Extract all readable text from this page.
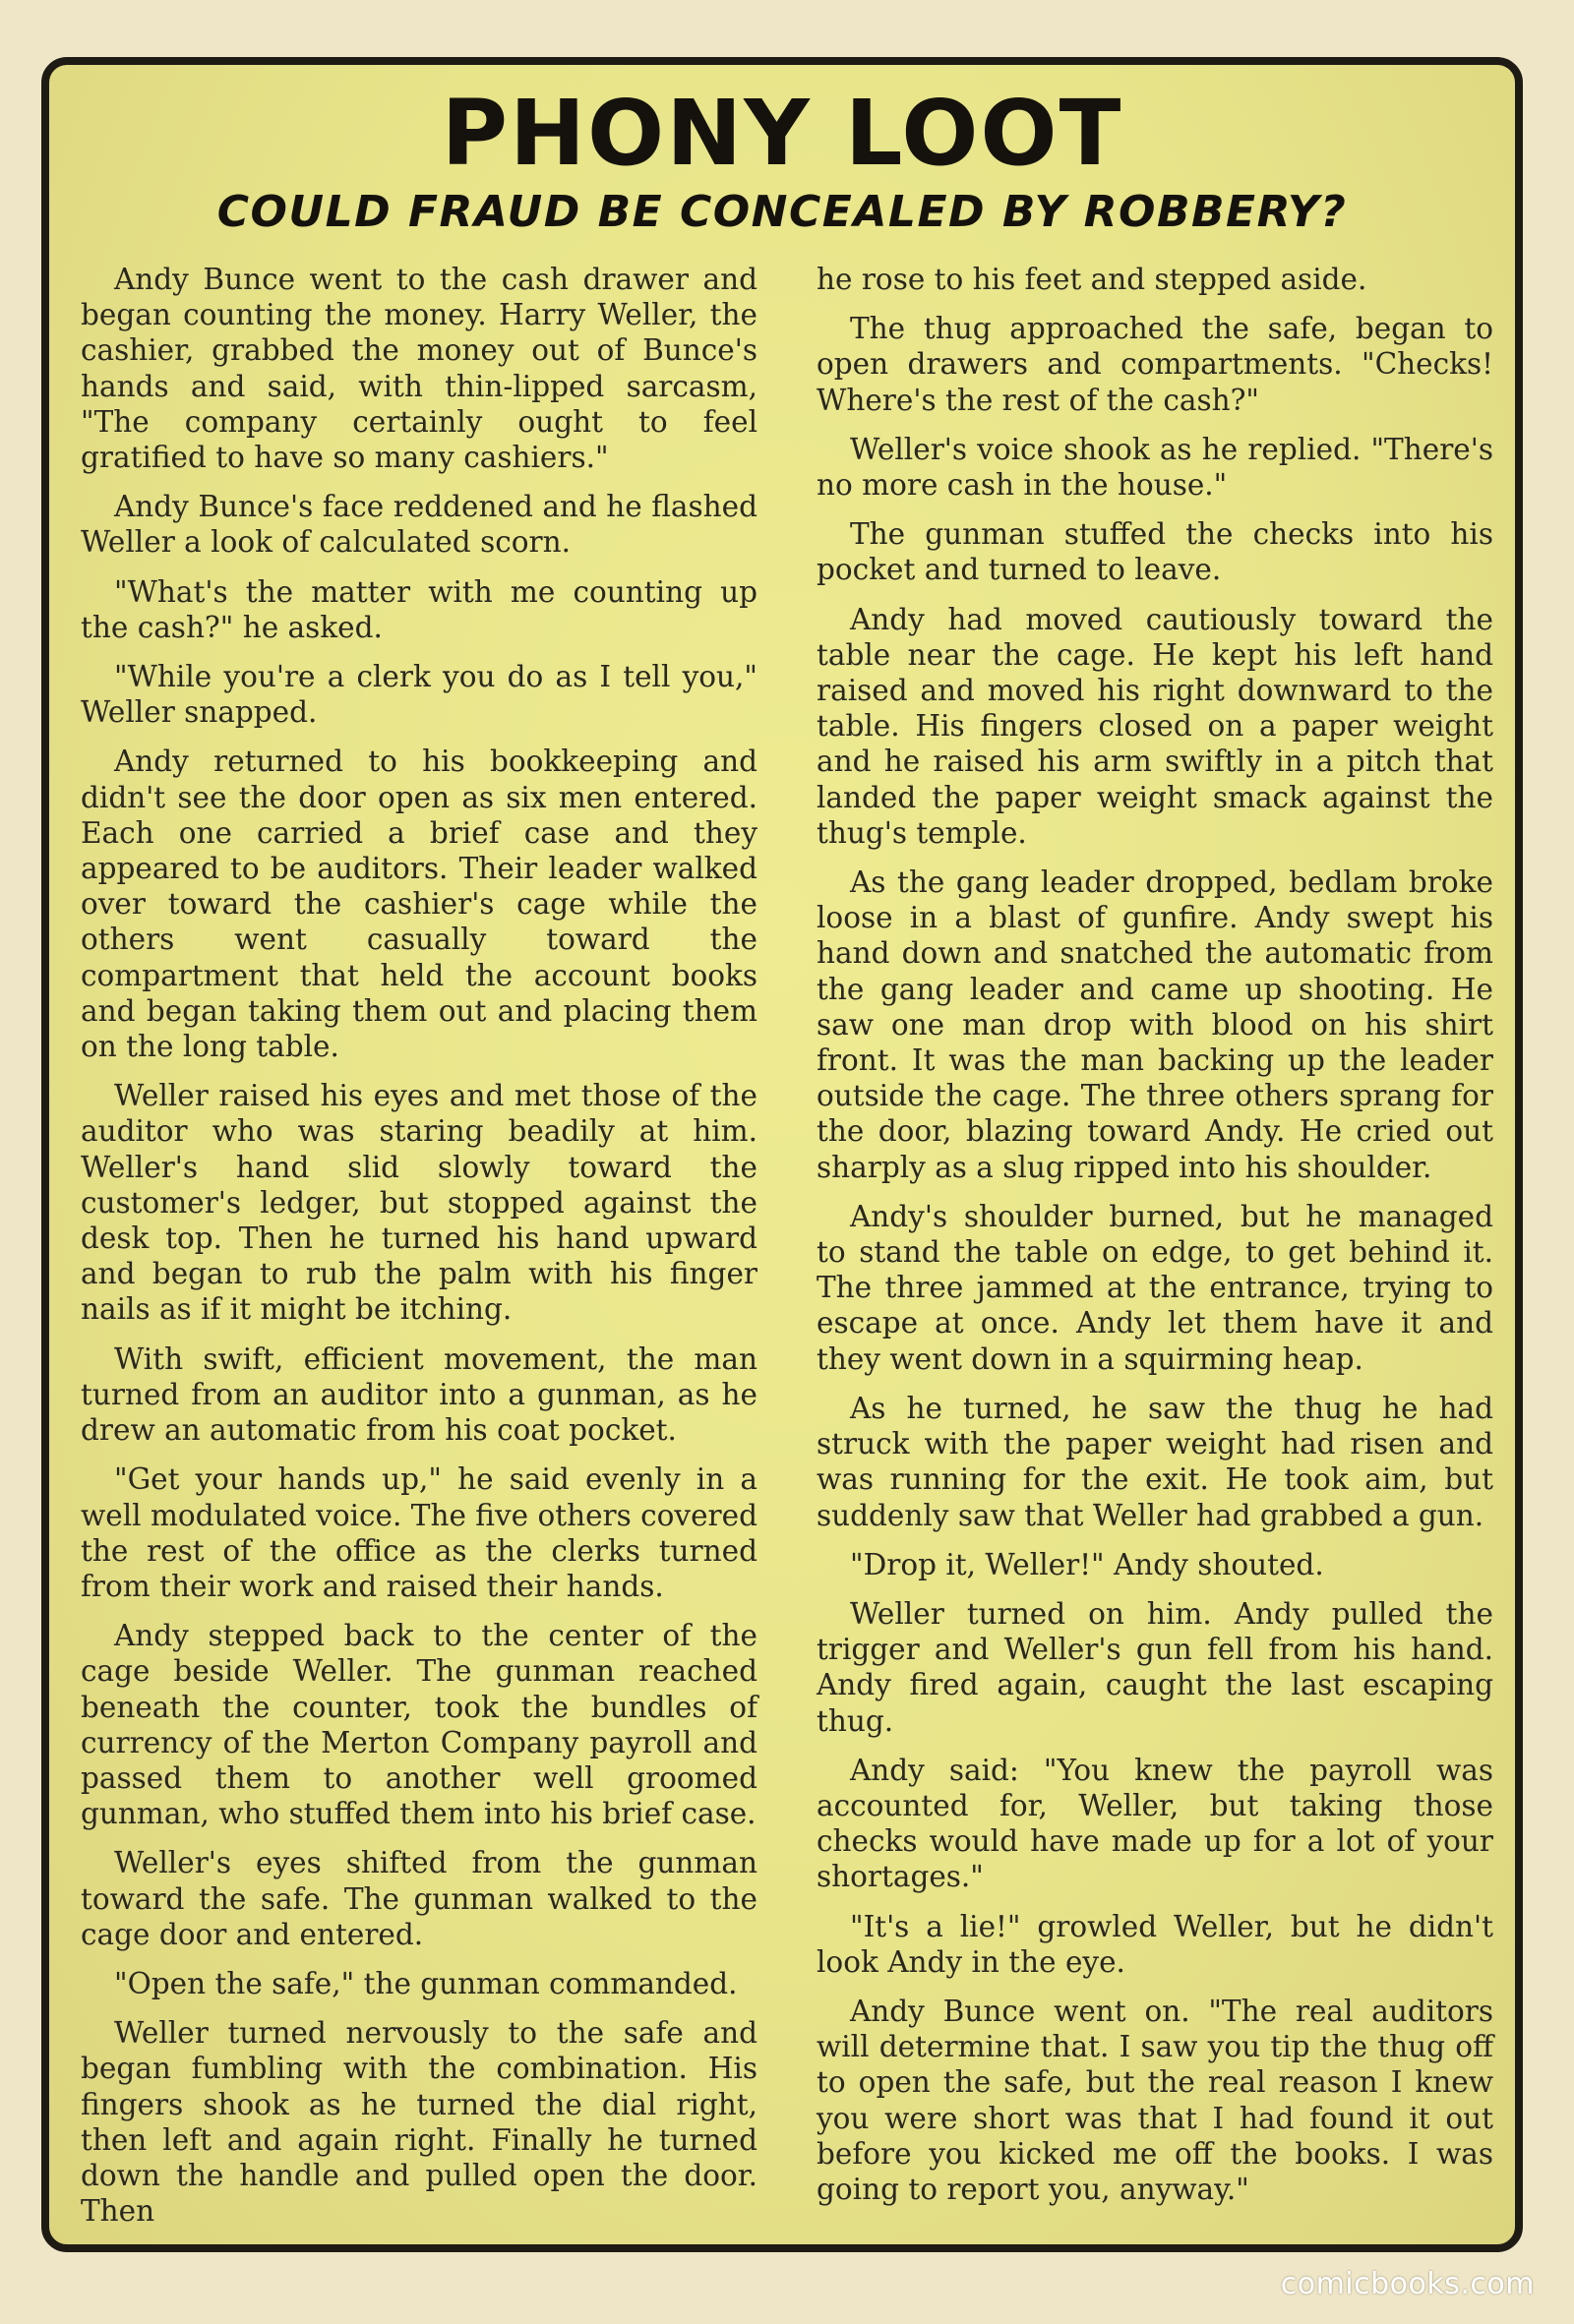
PHONY LOOT
COULD FRAUD BE CONCEALED BY ROBBERY?

Andy Bunce went to the cash drawer and began counting the money. Harry Weller, the cashier, grabbed the money out of Bunce's hands and said, with thin-lipped sarcasm, "The company certainly ought to feel gratified to have so many cashiers."

Andy Bunce's face reddened and he flashed Weller a look of calculated scorn.

"What's the matter with me counting up the cash?" he asked.

"While you're a clerk you do as I tell you," Weller snapped.

Andy returned to his bookkeeping and didn't see the door open as six men entered. Each one carried a brief case and they appeared to be auditors. Their leader walked over toward the cashier's cage while the others went casually toward the compartment that held the account books and began taking them out and placing them on the long table.

Weller raised his eyes and met those of the auditor who was staring beadily at him. Weller's hand slid slowly toward the customer's ledger, but stopped against the desk top. Then he turned his hand upward and began to rub the palm with his finger nails as if it might be itching.

With swift, efficient movement, the man turned from an auditor into a gunman, as he drew an automatic from his coat pocket.

"Get your hands up," he said evenly in a well modulated voice. The five others covered the rest of the office as the clerks turned from their work and raised their hands.

Andy stepped back to the center of the cage beside Weller. The gunman reached beneath the counter, took the bundles of currency of the Merton Company payroll and passed them to another well groomed gunman, who stuffed them into his brief case.

Weller's eyes shifted from the gunman toward the safe. The gunman walked to the cage door and entered.

"Open the safe," the gunman commanded.

Weller turned nervously to the safe and began fumbling with the combination. His fingers shook as he turned the dial right, then left and again right. Finally he turned down the handle and pulled open the door. Then

he rose to his feet and stepped aside.

The thug approached the safe, began to open drawers and compartments. "Checks! Where's the rest of the cash?"

Weller's voice shook as he replied. "There's no more cash in the house."

The gunman stuffed the checks into his pocket and turned to leave.

Andy had moved cautiously toward the table near the cage. He kept his left hand raised and moved his right downward to the table. His fingers closed on a paper weight and he raised his arm swiftly in a pitch that landed the paper weight smack against the thug's temple.

As the gang leader dropped, bedlam broke loose in a blast of gunfire. Andy swept his hand down and snatched the automatic from the gang leader and came up shooting. He saw one man drop with blood on his shirt front. It was the man backing up the leader outside the cage. The three others sprang for the door, blazing toward Andy. He cried out sharply as a slug ripped into his shoulder.

Andy's shoulder burned, but he managed to stand the table on edge, to get behind it. The three jammed at the entrance, trying to escape at once. Andy let them have it and they went down in a squirming heap.

As he turned, he saw the thug he had struck with the paper weight had risen and was running for the exit. He took aim, but suddenly saw that Weller had grabbed a gun.

"Drop it, Weller!" Andy shouted.

Weller turned on him. Andy pulled the trigger and Weller's gun fell from his hand. Andy fired again, caught the last escaping thug.

Andy said: "You knew the payroll was accounted for, Weller, but taking those checks would have made up for a lot of your shortages."

"It's a lie!" growled Weller, but he didn't look Andy in the eye.

Andy Bunce went on. "The real auditors will determine that. I saw you tip the thug off to open the safe, but the real reason I knew you were short was that I had found it out before you kicked me off the books. I was going to report you, anyway."

comicbooks.com
